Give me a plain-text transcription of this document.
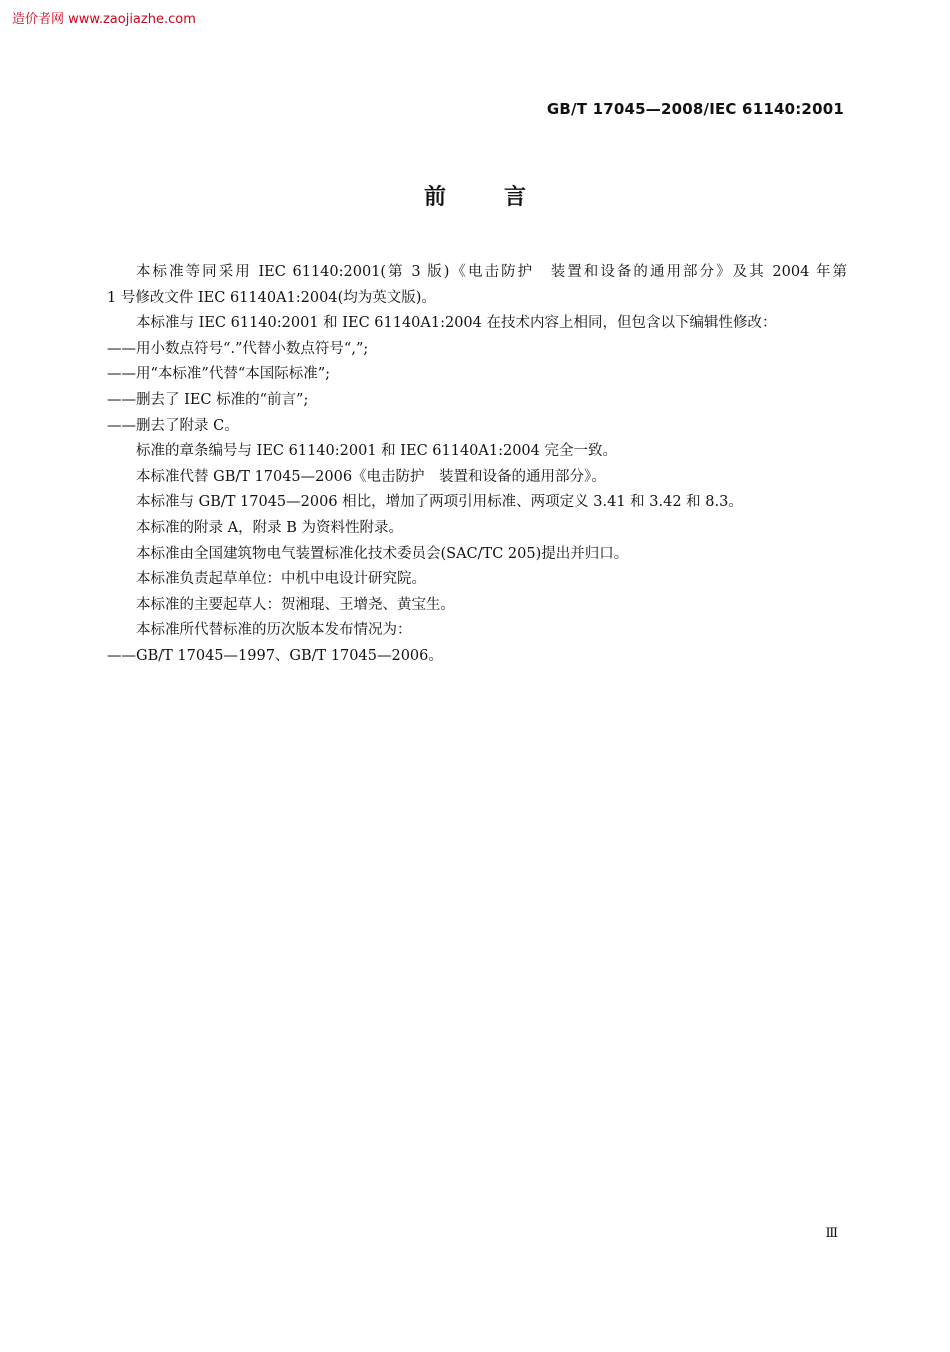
造价者网 www.zaojiazhe.com
GB/T 17045—2008/IEC 61140:2001
前言

本标准等同采用 IEC 61140:2001(第 3 版)《电击防护　装置和设备的通用部分》及其 2004 年第

1 号修改文件 IEC 61140A1:2004(均为英文版)。

本标准与 IEC 61140:2001 和 IEC 61140A1:2004 在技术内容上相同，但包含以下编辑性修改：

——用小数点符号“.”代替小数点符号“,”;

——用“本标准”代替“本国际标准”;

——删去了 IEC 标准的“前言”;

——删去了附录 C。

标准的章条编号与 IEC 61140:2001 和 IEC 61140A1:2004 完全一致。

本标准代替 GB/T 17045—2006《电击防护　装置和设备的通用部分》。

本标准与 GB/T 17045—2006 相比，增加了两项引用标准、两项定义 3.41 和 3.42 和 8.3。

本标准的附录 A，附录 B 为资料性附录。

本标准由全国建筑物电气装置标准化技术委员会(SAC/TC 205)提出并归口。

本标准负责起草单位：中机中电设计研究院。

本标准的主要起草人：贺湘琨、王增尧、黄宝生。

本标准所代替标准的历次版本发布情况为：

——GB/T 17045—1997、GB/T 17045—2006。

Ⅲ
